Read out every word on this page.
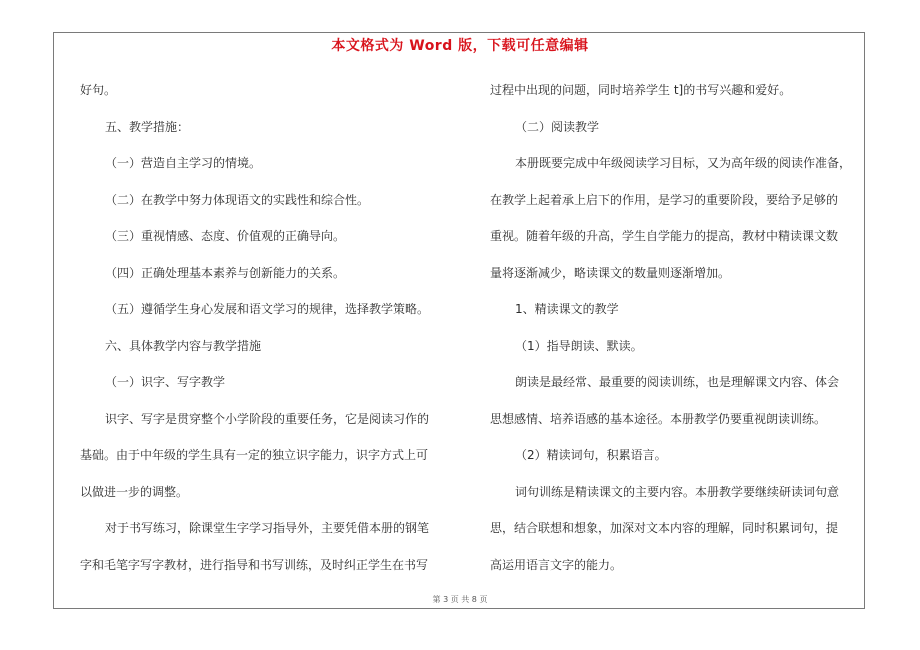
本文格式为 Word 版，下载可任意编辑

好句。

五、教学措施：

（一）营造自主学习的情境。

（二）在教学中努力体现语文的实践性和综合性。

（三）重视情感、态度、价值观的正确导向。

（四）正确处理基本素养与创新能力的关系。

（五）遵循学生身心发展和语文学习的规律，选择教学策略。

六、具体教学内容与教学措施

（一）识字、写字教学

识字、写字是贯穿整个小学阶段的重要任务，它是阅读习作的

基础。由于中年级的学生具有一定的独立识字能力，识字方式上可

以做进一步的调整。

对于书写练习，除课堂生字学习指导外，主要凭借本册的钢笔

字和毛笔字写字教材，进行指导和书写训练，及时纠正学生在书写

过程中出现的问题，同时培养学生 t]的书写兴趣和爱好。

（二）阅读教学

本册既要完成中年级阅读学习目标，又为高年级的阅读作准备，

在教学上起着承上启下的作用，是学习的重要阶段，要给予足够的

重视。随着年级的升高，学生自学能力的提高，教材中精读课文数

量将逐渐减少，略读课文的数量则逐渐增加。

1、精读课文的教学

（1）指导朗读、默读。

朗读是最经常、最重要的阅读训练，也是理解课文内容、体会

思想感情、培养语感的基本途径。本册教学仍要重视朗读训练。

（2）精读词句，积累语言。

词句训练是精读课文的主要内容。本册教学要继续研读词句意

思，结合联想和想象，加深对文本内容的理解，同时积累词句，提

高运用语言文字的能力。

第 3 页 共 8 页
